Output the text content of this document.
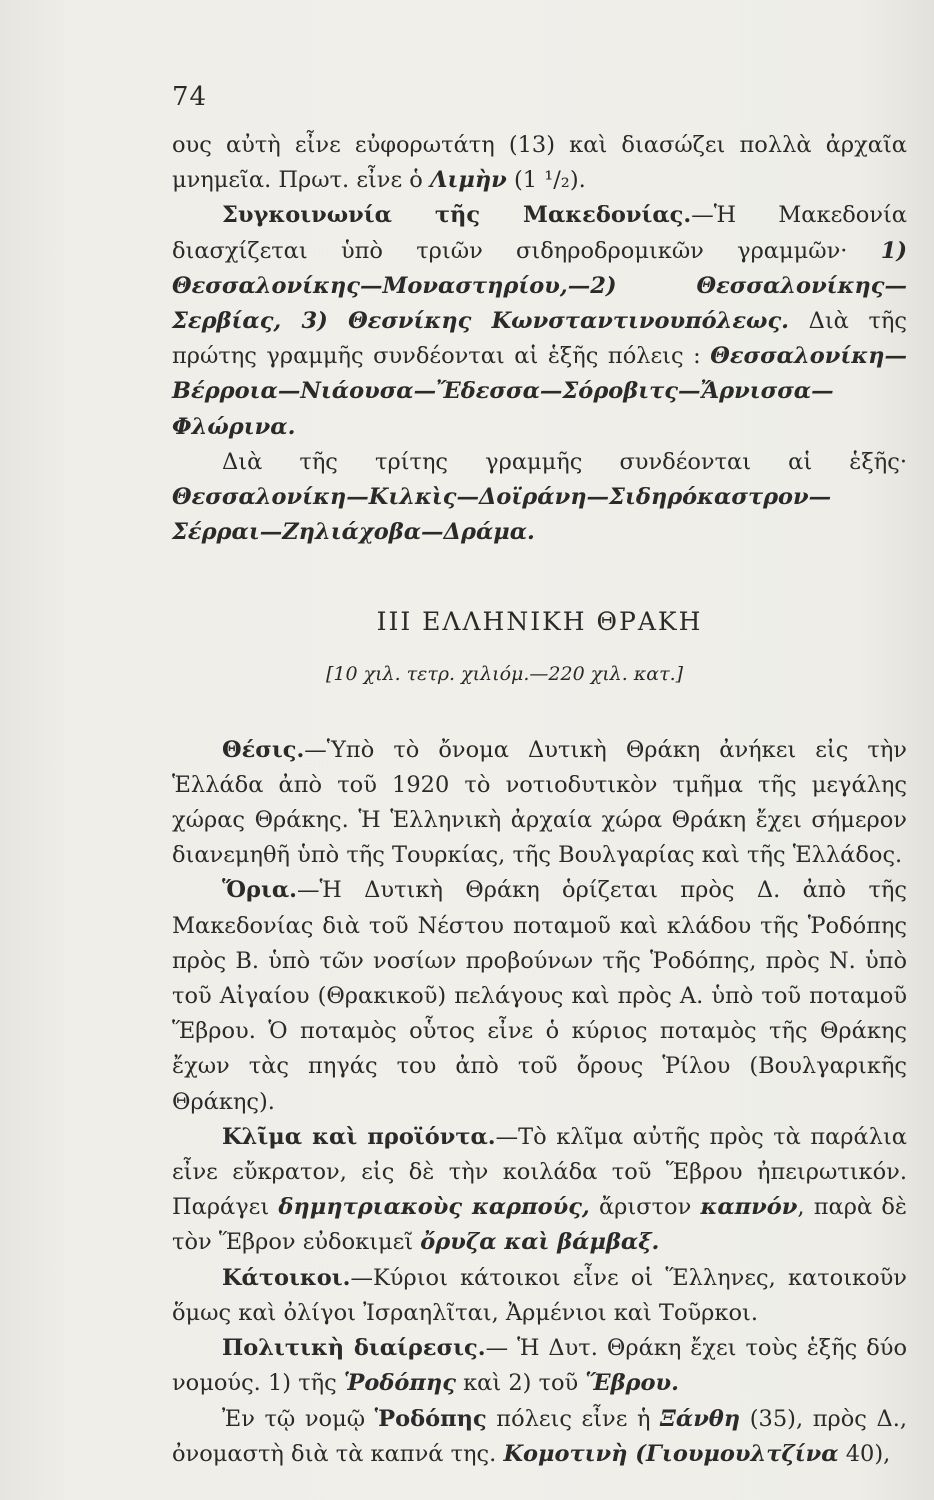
74

ους αὐτὴ εἶνε εὐφορωτάτη (13) καὶ διασώζει πολλὰ ἀρχαῖα μνημεῖα. Πρωτ. εἶνε ὁ Λιμὴν (1 ¹/₂).

Συγκοινωνία τῆς Μακεδονίας.—Ἡ Μακεδονία διασχίζεται ὑπὸ τριῶν σιδηροδρομικῶν γραμμῶν· 1) Θεσσαλονίκης—Μοναστηρίου,—2) Θεσσαλονίκης—Σερβίας, 3) Θεσνίκης Κωνσταντινουπόλεως. Διὰ τῆς πρώτης γραμμῆς συνδέονται αἱ ἑξῆς πόλεις : Θεσσαλονίκη—Βέρροια—Νιάουσα—Ἔδεσσα—Σόροβιτς—Ἄρνισσα—Φλώρινα.

Διὰ τῆς τρίτης γραμμῆς συνδέονται αἱ ἑξῆς· Θεσσαλονίκη—Κιλκὶς—Δοϊράνη—Σιδηρόκαστρον—Σέρραι—Ζηλιάχοβα—Δράμα.

III ΕΛΛΗΝΙΚΗ ΘΡΑΚΗ

[10 χιλ. τετρ. χιλιόμ.—220 χιλ. κατ.]

Θέσις.—Ὑπὸ τὸ ὄνομα Δυτικὴ Θράκη ἀνήκει εἰς τὴν Ἑλλάδα ἀπὸ τοῦ 1920 τὸ νοτιοδυτικὸν τμῆμα τῆς μεγάλης χώρας Θράκης. Ἡ Ἑλληνικὴ ἀρχαία χώρα Θράκη ἔχει σήμερον διανεμηθῆ ὑπὸ τῆς Τουρκίας, τῆς Βουλγαρίας καὶ τῆς Ἑλλάδος.

Ὅρια.—Ἡ Δυτικὴ Θράκη ὁρίζεται πρὸς Δ. ἀπὸ τῆς Μακεδονίας διὰ τοῦ Νέστου ποταμοῦ καὶ κλάδου τῆς Ῥοδόπης πρὸς Β. ὑπὸ τῶν νοσίων προβούνων τῆς Ῥοδόπης, πρὸς Ν. ὑπὸ τοῦ Αἰγαίου (Θρακικοῦ) πελάγους καὶ πρὸς Α. ὑπὸ τοῦ ποταμοῦ Ἕβρου. Ὁ ποταμὸς οὗτος εἶνε ὁ κύριος ποταμὸς τῆς Θράκης ἔχων τὰς πηγάς του ἀπὸ τοῦ ὄρους Ῥίλου (Βουλγαρικῆς Θράκης).

Κλῖμα καὶ προϊόντα.—Τὸ κλῖμα αὐτῆς πρὸς τὰ παράλια εἶνε εὔκρατον, εἰς δὲ τὴν κοιλάδα τοῦ Ἕβρου ἠπειρωτικόν. Παράγει δημητριακοὺς καρπούς, ἄριστον καπνόν, παρὰ δὲ τὸν Ἕβρον εὐδοκιμεῖ ὄρυζα καὶ βάμβαξ.

Κάτοικοι.—Κύριοι κάτοικοι εἶνε οἱ Ἕλληνες, κατοικοῦν ὅμως καὶ ὀλίγοι Ἰσραηλῖται, Ἀρμένιοι καὶ Τοῦρκοι.

Πολιτικὴ διαίρεσις.— Ἡ Δυτ. Θράκη ἔχει τοὺς ἑξῆς δύο νομούς. 1) τῆς Ῥοδόπης καὶ 2) τοῦ Ἕβρου.

Ἐν τῷ νομῷ Ῥοδόπης πόλεις εἶνε ἡ Ξάνθη (35), πρὸς Δ., ὀνομαστὴ διὰ τὰ καπνά της. Κομοτινὴ (Γιουμουλτζίνα 40),
